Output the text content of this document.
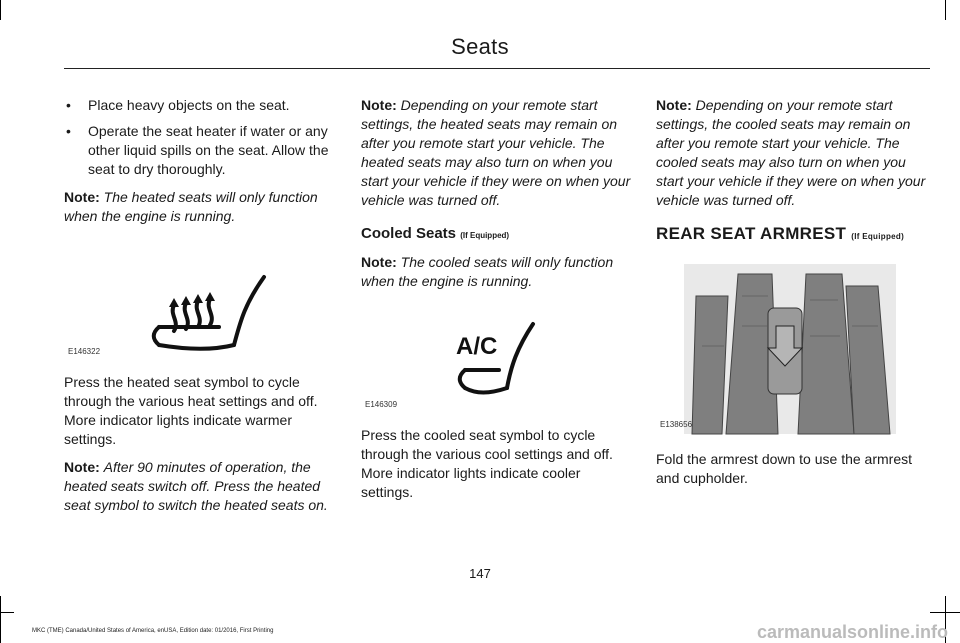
Seats
• Place heavy objects on the seat.
• Operate the seat heater if water or any other liquid spills on the seat. Allow the seat to dry thoroughly.

Note: The heated seats will only function when the engine is running.

E146322

Press the heated seat symbol to cycle through the various heat settings and off. More indicator lights indicate warmer settings.

Note: After 90 minutes of operation, the heated seats switch off. Press the heated seat symbol to switch the heated seats on.

Note: Depending on your remote start settings, the heated seats may remain on after you remote start your vehicle. The heated seats may also turn on when you start your vehicle if they were on when your vehicle was turned off.

Cooled Seats (If Equipped)

Note: The cooled seats will only function when the engine is running.

A/C
E146309

Press the cooled seat symbol to cycle through the various cool settings and off. More indicator lights indicate cooler settings.

Note: Depending on your remote start settings, the cooled seats may remain on after you remote start your vehicle. The cooled seats may also turn on when you start your vehicle if they were on when your vehicle was turned off.

REAR SEAT ARMREST (If Equipped)
E138656

Fold the armrest down to use the armrest and cupholder.

147
MKC (TME) Canada/United States of America, enUSA, Edition date: 01/2016, First Printing	carmanualsonline.info
